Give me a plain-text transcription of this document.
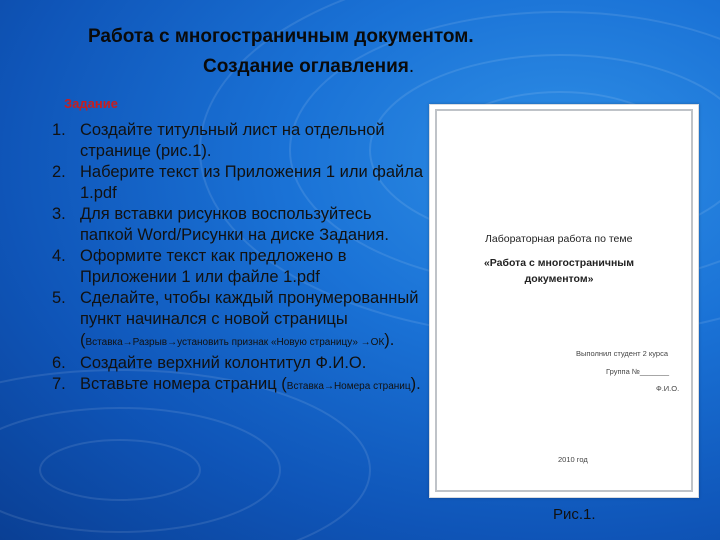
Работа с многостраничным документом.
Создание оглавления.
Задание
1. Создайте титульный лист на отдельной странице (рис.1).
2. Наберите текст из Приложения 1 или файла 1.pdf
3. Для вставки рисунков воспользуйтесь папкой Word/Рисунки на диске Задания.
4. Оформите текст как предложено в Приложении 1 или файле 1.pdf
5. Сделайте, чтобы каждый пронумерованный пункт начинался с новой страницы (Вставка→Разрыв→установить признак «Новую страницу» →ОК).
6. Создайте верхний колонтитул Ф.И.О.
7. Вставьте номера страниц (Вставка→Номера страниц).
Лабораторная работа по теме
«Работа с многостраничным
документом»
Выполнил студент 2 курса
Группа №_______
Ф.И.О.
2010 год
Рис.1.
